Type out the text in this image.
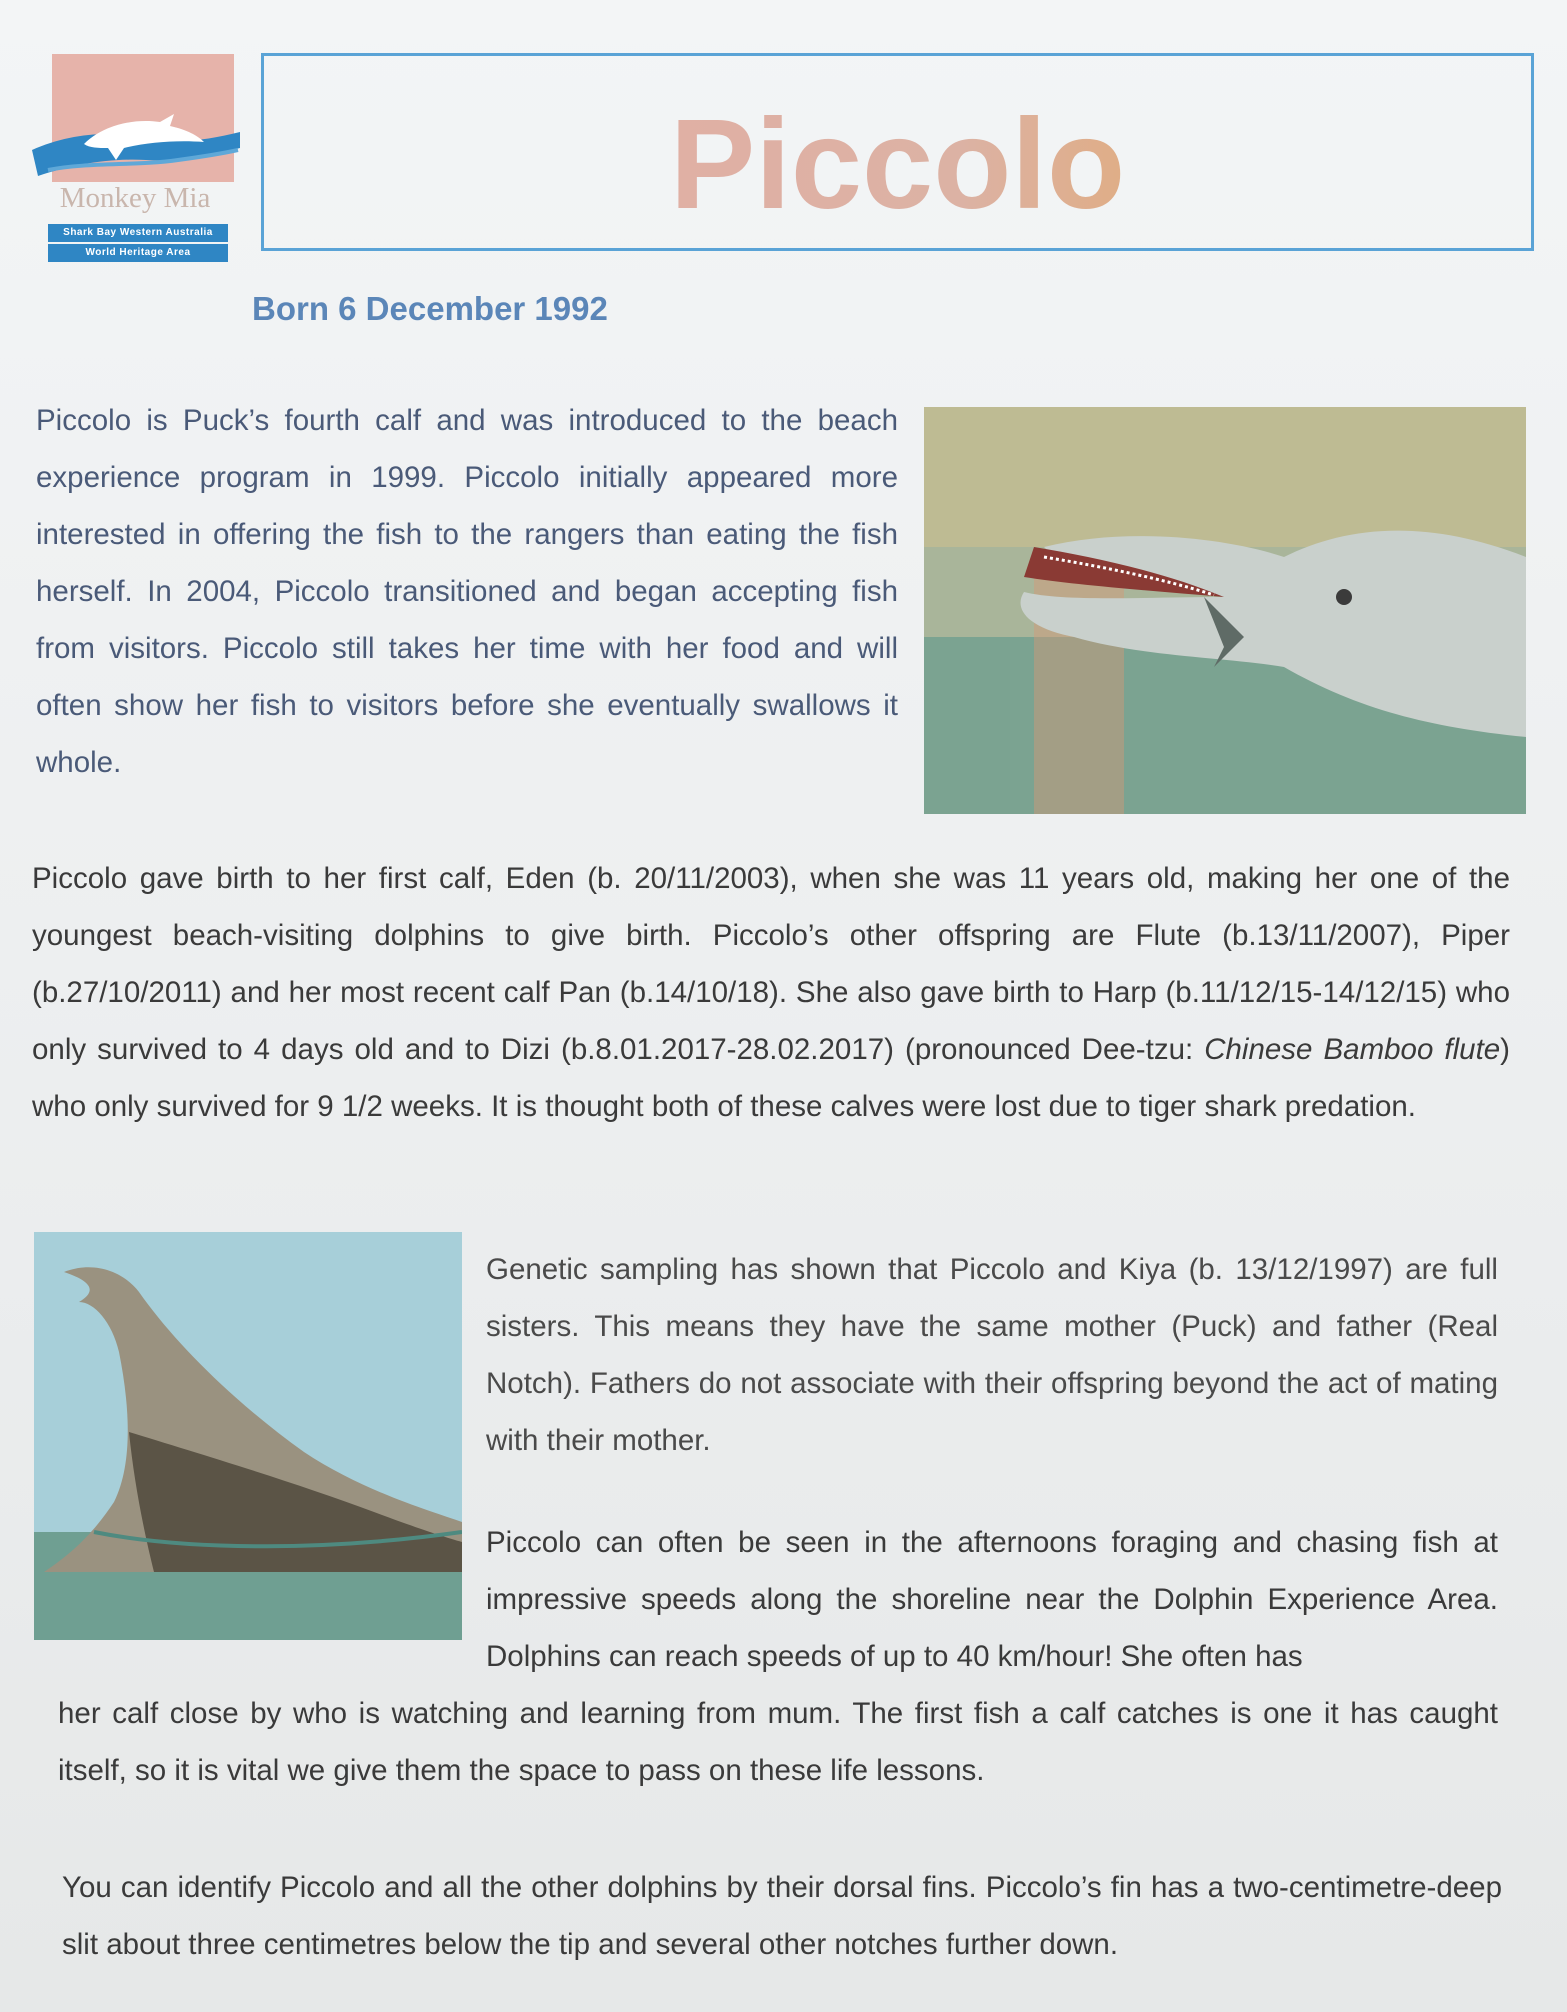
Monkey Mia
Shark Bay Western Australia
World Heritage Area
Piccolo
Born 6 December 1992

Piccolo is Puck’s fourth calf and was introduced to the beach experience program in 1999. Piccolo initially appeared more interested in offering the fish to the rangers than eating the fish herself. In 2004, Piccolo transitioned and began accepting fish from visitors. Piccolo still takes her time with her food and will often show her fish to visitors before she eventually swallows it whole.

Piccolo gave birth to her first calf, Eden (b. 20/11/2003), when she was 11 years old, making her one of the youngest beach-visiting dolphins to give birth. Piccolo’s other offspring are Flute (b.13/11/2007), Piper (b.27/10/2011) and her most recent calf Pan (b.14/10/18). She also gave birth to Harp (b.11/12/15-14/12/15) who only survived to 4 days old and to Dizi (b.8.01.2017-28.02.2017) (pronounced Dee-tzu: Chinese Bamboo flute) who only survived for 9 1/2 weeks. It is thought both of these calves were lost due to tiger shark predation.

Genetic sampling has shown that Piccolo and Kiya (b. 13/12/1997) are full sisters. This means they have the same mother (Puck) and father (Real Notch). Fathers do not associate with their offspring beyond the act of mating with their mother.

Piccolo can often be seen in the afternoons foraging and chasing fish at impressive speeds along the shoreline near the Dolphin Experience Area. Dolphins can reach speeds of up to 40 km/hour! She often has

her calf close by who is watching and learning from mum. The first fish a calf catches is one it has caught itself, so it is vital we give them the space to pass on these life lessons.

You can identify Piccolo and all the other dolphins by their dorsal fins. Piccolo’s fin has a two-centimetre-deep slit about three centimetres below the tip and several other notches further down.
